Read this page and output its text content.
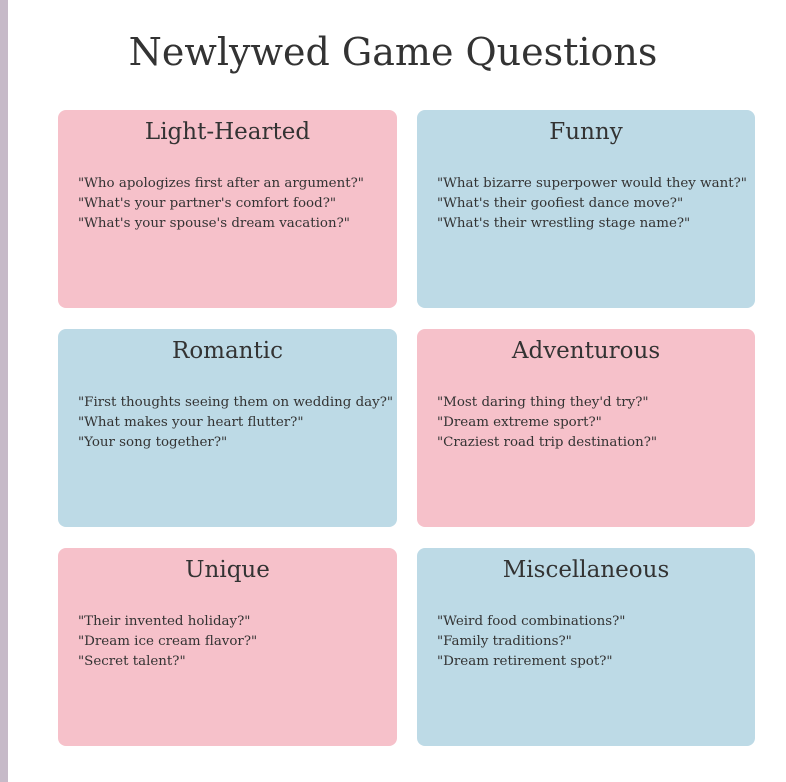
Newlywed Game Questions
Light-Hearted
"Who apologizes first after an argument?"
"What's your partner's comfort food?"
"What's your spouse's dream vacation?"
Funny
"What bizarre superpower would they want?"
"What's their goofiest dance move?"
"What's their wrestling stage name?"
Romantic
"First thoughts seeing them on wedding day?"
"What makes your heart flutter?"
"Your song together?"
Adventurous
"Most daring thing they'd try?"
"Dream extreme sport?"
"Craziest road trip destination?"
Unique
"Their invented holiday?"
"Dream ice cream flavor?"
"Secret talent?"
Miscellaneous
"Weird food combinations?"
"Family traditions?"
"Dream retirement spot?"
